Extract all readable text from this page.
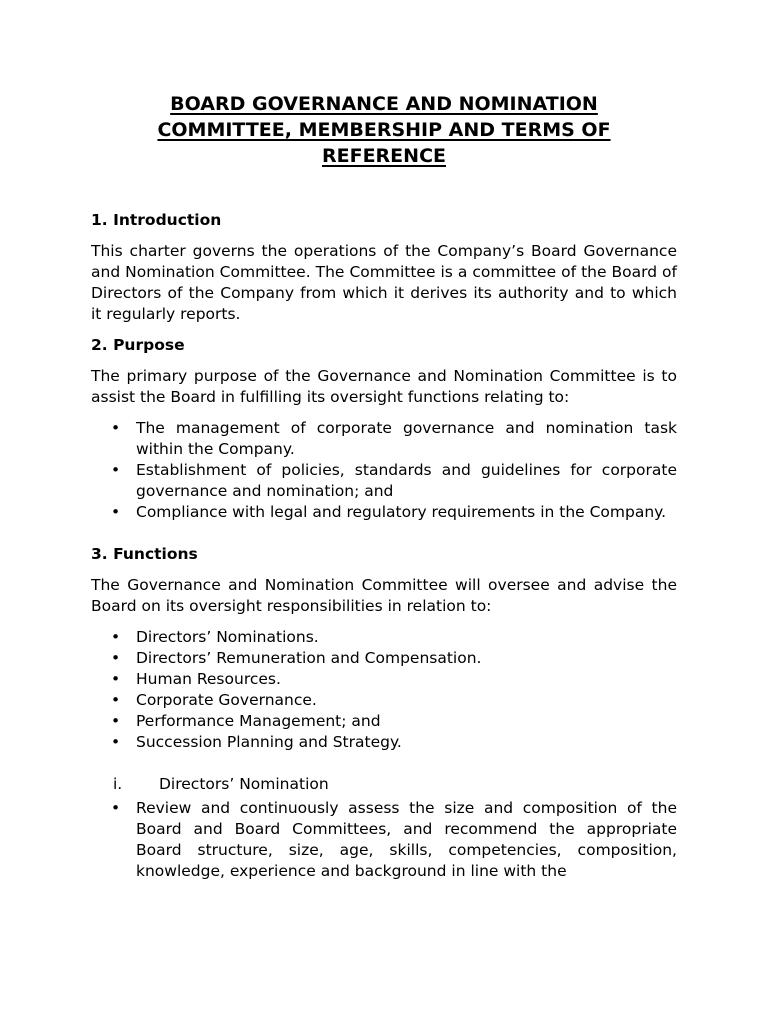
BOARD GOVERNANCE AND NOMINATION
COMMITTEE, MEMBERSHIP AND TERMS OF
REFERENCE
1. Introduction

This charter governs the operations of the Company’s Board Governance and Nomination Committee. The Committee is a committee of the Board of Directors of the Company from which it derives its authority and to which it regularly reports.

2. Purpose

The primary purpose of the Governance and Nomination Committee is to assist the Board in fulfilling its oversight functions relating to:

• The management of corporate governance and nomination task within the Company.
• Establishment of policies, standards and guidelines for corporate governance and nomination; and
• Compliance with legal and regulatory requirements in the Company.
3. Functions

The Governance and Nomination Committee will oversee and advise the Board on its oversight responsibilities in relation to:

• Directors’ Nominations.
• Directors’ Remuneration and Compensation.
• Human Resources.
• Corporate Governance.
• Performance Management; and
• Succession Planning and Strategy.
i.	Directors’ Nomination
• Review and continuously assess the size and composition of the Board and Board Committees, and recommend the appropriate Board structure, size, age, skills, competencies, composition, knowledge, experience and background in line with the
